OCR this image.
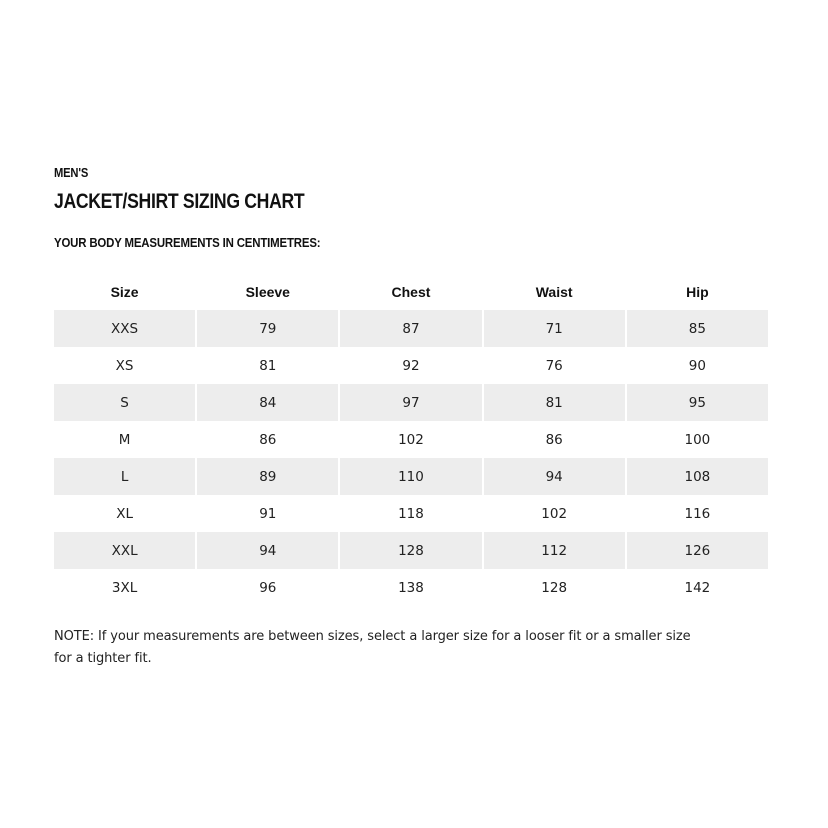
MEN'S
JACKET/SHIRT SIZING CHART
YOUR BODY MEASUREMENTS IN CENTIMETRES:
Size	Sleeve	Chest	Waist	Hip
XXS	79	87	71	85
XS	81	92	76	90
S	84	97	81	95
M	86	102	86	100
L	89	110	94	108
XL	91	118	102	116
XXL	94	128	112	126
3XL	96	138	128	142
NOTE: If your measurements are between sizes, select a larger size for a looser fit or a smaller size for a tighter fit.
